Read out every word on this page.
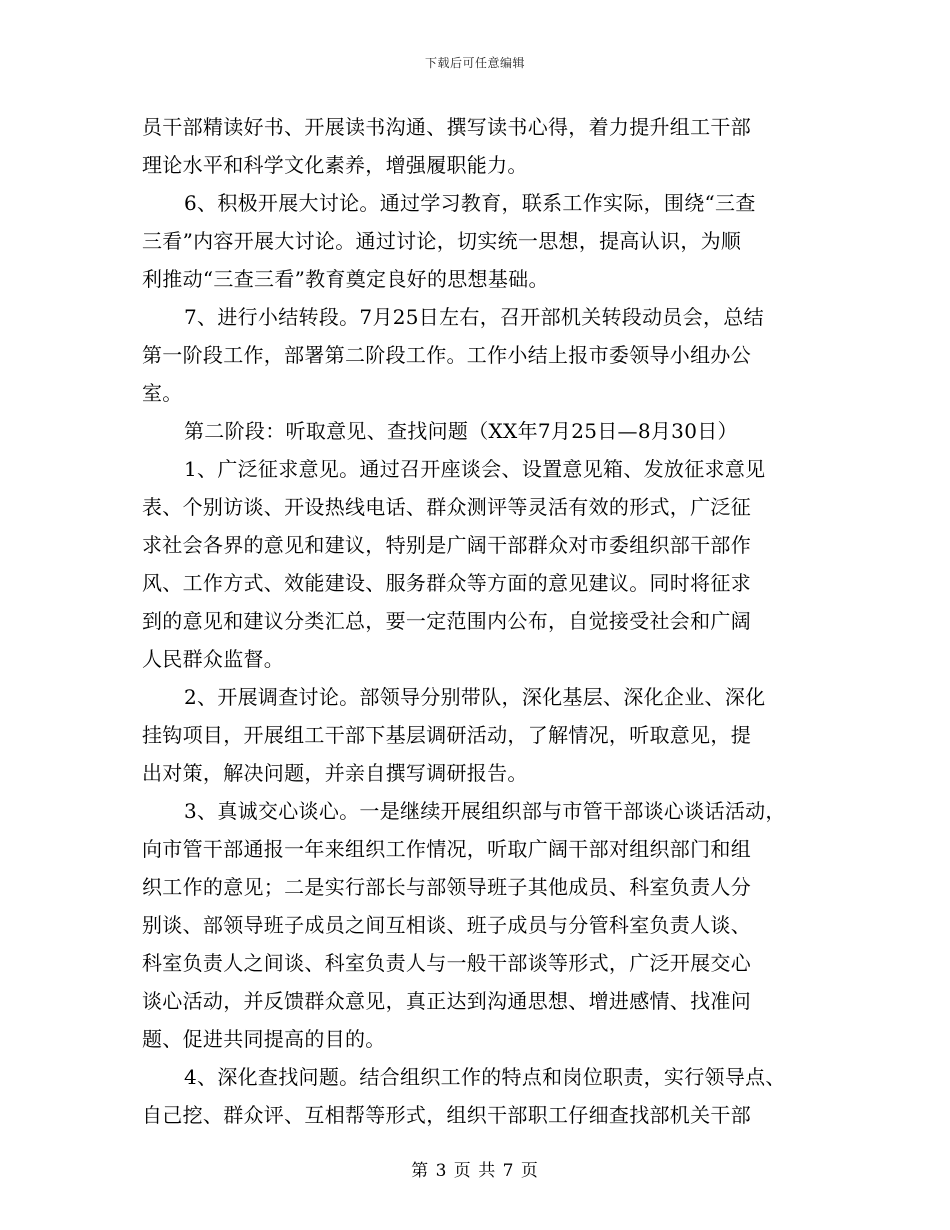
下载后可任意编辑
员干部精读好书、开展读书沟通、撰写读书心得，着力提升组工干部
理论水平和科学文化素养，增强履职能力。
6、积极开展大讨论。通过学习教育，联系工作实际，围绕“三查
三看”内容开展大讨论。通过讨论，切实统一思想，提高认识，为顺
利推动“三查三看”教育奠定良好的思想基础。
7、进行小结转段。7月25日左右，召开部机关转段动员会，总结
第一阶段工作，部署第二阶段工作。工作小结上报市委领导小组办公
室。
第二阶段：听取意见、查找问题（XX年7月25日—8月30日）
1、广泛征求意见。通过召开座谈会、设置意见箱、发放征求意见
表、个别访谈、开设热线电话、群众测评等灵活有效的形式，广泛征
求社会各界的意见和建议，特别是广阔干部群众对市委组织部干部作
风、工作方式、效能建设、服务群众等方面的意见建议。同时将征求
到的意见和建议分类汇总，要一定范围内公布，自觉接受社会和广阔
人民群众监督。
2、开展调查讨论。部领导分别带队，深化基层、深化企业、深化
挂钩项目，开展组工干部下基层调研活动，了解情况，听取意见，提
出对策，解决问题，并亲自撰写调研报告。
3、真诚交心谈心。一是继续开展组织部与市管干部谈心谈话活动，
向市管干部通报一年来组织工作情况，听取广阔干部对组织部门和组
织工作的意见；二是实行部长与部领导班子其他成员、科室负责人分
别谈、部领导班子成员之间互相谈、班子成员与分管科室负责人谈、
科室负责人之间谈、科室负责人与一般干部谈等形式，广泛开展交心
谈心活动，并反馈群众意见，真正达到沟通思想、增进感情、找准问
题、促进共同提高的目的。
4、深化查找问题。结合组织工作的特点和岗位职责，实行领导点、
自己挖、群众评、互相帮等形式，组织干部职工仔细查找部机关干部
第 3 页 共 7 页
